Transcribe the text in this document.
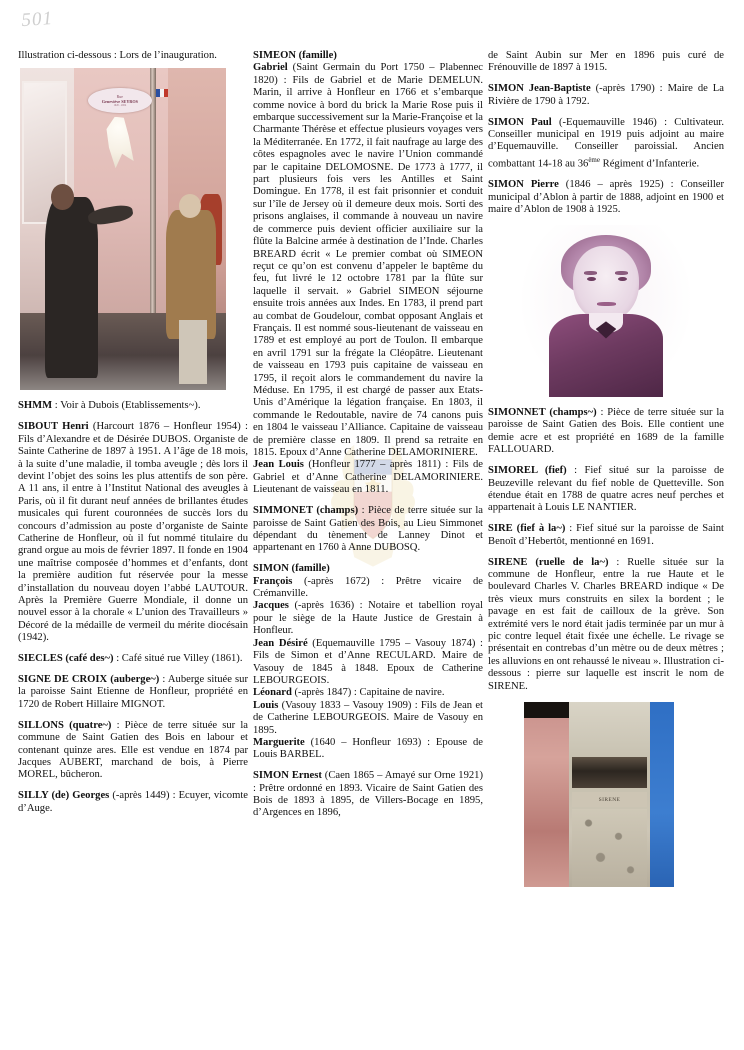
501

Illustration ci-dessous : Lors de l’inauguration.

Rue
Geneviève SEYROS
1920 - 2004

SHMM : Voir à Dubois (Etablissements~).

SIBOUT Henri (Harcourt 1876 – Honfleur 1954) : Fils d’Alexandre et de Désirée DUBOS. Organiste de Sainte Catherine de 1897 à 1951. A l’âge de 18 mois, à la suite d’une maladie, il tomba aveugle ; dès lors il devint l’objet des soins les plus attentifs de son père. A 11 ans, il entre à l’Institut National des aveugles à Paris, où il fit durant neuf années de brillantes études musicales qui furent couronnées de succès lors du concours d’admission au poste d’organiste de Sainte Catherine de Honfleur, où il fut nommé titulaire du grand orgue au mois de février 1897. Il fonde en 1904 une maîtrise composée d’hommes et d’enfants, dont la première audition fut réservée pour la messe d’installation du nouveau doyen l’abbé LAUTOUR. Après la Première Guerre Mondiale, il donne un nouvel essor à la chorale « L’union des Travailleurs » Décoré de la médaille de vermeil du mérite diocésain (1942).

SIECLES (café des~) : Café situé rue Villey (1861).

SIGNE DE CROIX (auberge~) : Auberge située sur la paroisse Saint Etienne de Honfleur, propriété en 1720 de Robert Hillaire MIGNOT.

SILLONS (quatre~) : Pièce de terre située sur la commune de Saint Gatien des Bois en labour et contenant quinze ares. Elle est vendue en 1874 par Jacques AUBERT, marchand de bois, à Pierre MOREL, bûcheron.

SILLY (de) Georges (-après 1449) : Ecuyer, vicomte d’Auge.

SIMEON (famille)

Gabriel (Saint Germain du Port 1750 – Plabennec 1820) : Fils de Gabriel et de Marie DEMELUN. Marin, il arrive à Honfleur en 1766 et s’embarque comme novice à bord du brick la Marie Rose puis il embarque successivement sur la Marie-Françoise et la Charmante Thérèse et effectue plusieurs voyages vers la Méditerranée. En 1772, il fait naufrage au large des côtes espagnoles avec le navire l’Union commandé par le capitaine DELOMOSNE. De 1773 à 1777, il part plusieurs fois vers les Antilles et Saint Domingue. En 1778, il est fait prisonnier et conduit sur l’île de Jersey où il demeure deux mois. Sorti des prisons anglaises, il commande à nouveau un navire de commerce puis devient officier auxiliaire sur la flûte la Balcine armée à destination de l’Inde. Charles BREARD écrit « Le premier combat où SIMEON reçut ce qu’on est convenu d’appeler le baptême du feu, fut livré le 12 octobre 1781 par la flûte sur laquelle il servait. » Gabriel SIMEON séjourne ensuite trois années aux Indes. En 1783, il prend part au combat de Goudelour, combat opposant Anglais et Français. Il est nommé sous-lieutenant de vaisseau en 1789 et est employé au port de Toulon. Il embarque en avril 1791 sur la frégate la Cléopâtre. Lieutenant de vaisseau en 1793 puis capitaine de vaisseau en 1795, il reçoit alors le commandement du navire la Méduse. En 1795, il est chargé de passer aux Etats-Unis d’Amérique la légation française. En 1803, il commande le Redoutable, navire de 74 canons puis en 1804 le vaisseau l’Alliance. Capitaine de vaisseau de première classe en 1809. Il prend sa retraite en 1815. Epoux d’Anne Catherine DELAMORINIERE.

Jean Louis (Honfleur 1777 – après 1811) : Fils de Gabriel et d’Anne Catherine DELAMORINIERE. Lieutenant de vaisseau en 1811.

SIMMONET (champs) : Pièce de terre située sur la paroisse de Saint Gatien des Bois, au Lieu Simmonet dépendant du tènement de Lanney Dinot et appartenant en 1760 à Anne DUBOSQ.

SIMON (famille)

François (-après 1672) : Prêtre vicaire de Crémanville.

Jacques (-après 1636) : Notaire et tabellion royal pour le siège de la Haute Justice de Grestain à Honfleur.

Jean Désiré (Equemauville 1795 – Vasouy 1874) : Fils de Simon et d’Anne RECULARD. Maire de Vasouy de 1845 à 1848. Epoux de Catherine LEBOURGEOIS.

Léonard (-après 1847) : Capitaine de navire.

Louis (Vasouy 1833 – Vasouy 1909) : Fils de Jean et de Catherine LEBOURGEOIS. Maire de Vasouy en 1895.

Marguerite (1640 – Honfleur 1693) : Epouse de Louis BARBEL.

SIMON Ernest (Caen 1865 – Amayé sur Orne 1921) : Prêtre ordonné en 1893. Vicaire de Saint Gatien des Bois de 1893 à 1895, de Villers-Bocage en 1895, d’Argences en 1896,

de Saint Aubin sur Mer en 1896 puis curé de Frénouville de 1897 à 1915.

SIMON Jean-Baptiste (-après 1790) : Maire de La Rivière de 1790 à 1792.

SIMON Paul (-Equemauville 1946) : Cultivateur. Conseiller municipal en 1919 puis adjoint au maire d’Equemauville. Conseiller paroissial. Ancien combattant 14-18 au 36ème Régiment d’Infanterie.

SIMON Pierre (1846 – après 1925) : Conseiller municipal d’Ablon à partir de 1888, adjoint en 1900 et maire d’Ablon de 1908 à 1925.

SIMONNET (champs~) : Pièce de terre située sur la paroisse de Saint Gatien des Bois. Elle contient une demie acre et est propriété en 1689 de la famille FALLOUARD.

SIMOREL (fief) : Fief situé sur la paroisse de Beuzeville relevant du fief noble de Quetteville. Son étendue était en 1788 de quatre acres neuf perches et appartenait à Louis LE NANTIER.

SIRE (fief à la~) : Fief situé sur la paroisse de Saint Benoît d’Hebertôt, mentionné en 1691.

SIRENE (ruelle de la~) : Ruelle située sur la commune de Honfleur, entre la rue Haute et le boulevard Charles V. Charles BREARD indique « De très vieux murs construits en silex la bordent ; le pavage en est fait de cailloux de la grève. Son extrémité vers le nord était jadis terminée par un mur à pic contre lequel était fixée une échelle. Le rivage se présentait en contrebas d’un mètre ou de deux mètres ; les alluvions en ont rehaussé le niveau ». Illustration ci-dessous : pierre sur laquelle est inscrit le nom de SIRENE.

SIRENE
